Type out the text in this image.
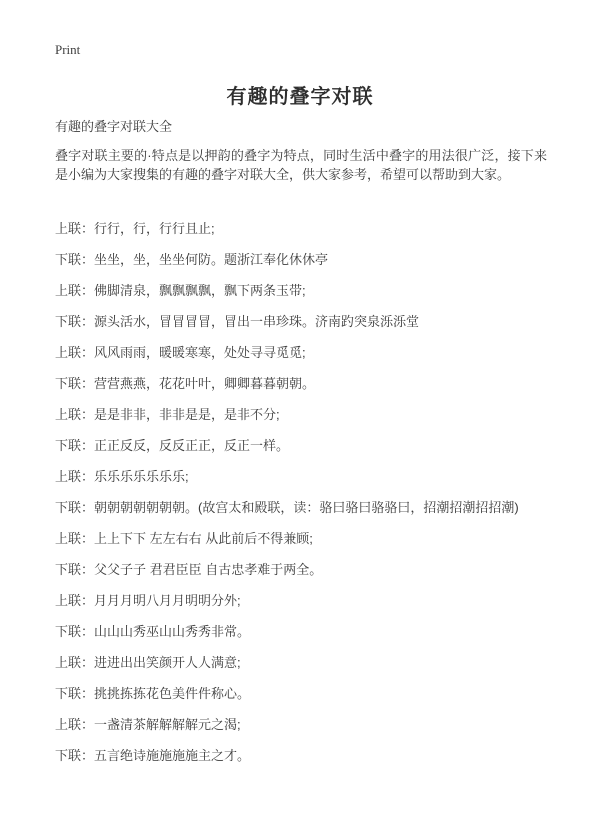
Print
有趣的叠字对联

有趣的叠字对联大全

叠字对联主要的·特点是以押韵的叠字为特点，同时生活中叠字的用法很广泛，接下来是小编为大家搜集的有趣的叠字对联大全，供大家参考，希望可以帮助到大家。

上联：行行，行，行行且止;

下联：坐坐，坐，坐坐何防。题浙江奉化休休亭

上联：佛脚清泉，飘飘飘飘，飘下两条玉带;

下联：源头活水，冒冒冒冒，冒出一串珍珠。济南趵突泉泺泺堂

上联：风风雨雨，暖暖寒寒，处处寻寻觅觅;

下联：营营燕燕，花花叶叶，卿卿暮暮朝朝。

上联：是是非非，非非是是，是非不分;

下联：正正反反，反反正正，反正一样。

上联：乐乐乐乐乐乐乐;

下联：朝朝朝朝朝朝朝。(故宫太和殿联，读：骆曰骆曰骆骆曰，招潮招潮招招潮)

上联：上上下下 左左右右 从此前后不得兼顾;

下联：父父子子 君君臣臣 自古忠孝难于两全。

上联：月月月明八月月明明分外;

下联：山山山秀巫山山秀秀非常。

上联：进进出出笑颜开人人满意;

下联：挑挑拣拣花色美件件称心。

上联：一盏清茶解解解解元之渴;

下联：五言绝诗施施施施主之才。
